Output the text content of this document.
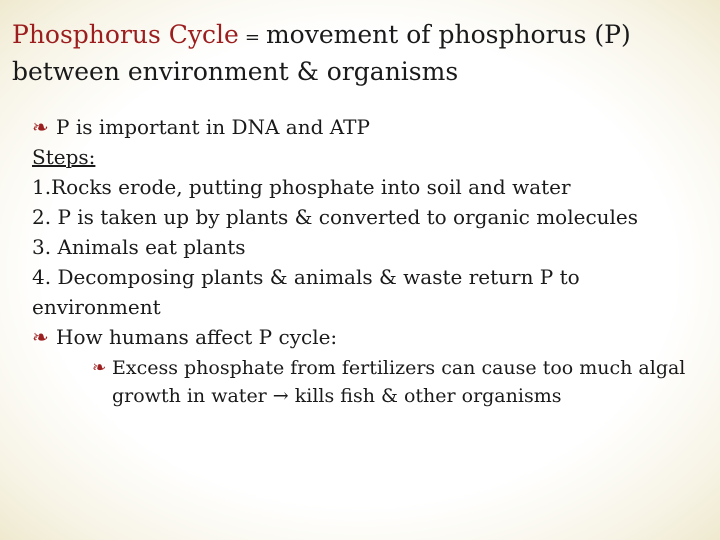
Phosphorus Cycle = movement of phosphorus (P) between environment & organisms
❧ P is important in DNA and ATP
Steps:
1.Rocks erode, putting phosphate into soil and water
2. P is taken up by plants & converted to organic molecules
3. Animals eat plants
4. Decomposing plants & animals & waste return P to environment
❧ How humans affect P cycle:
❧ Excess phosphate from fertilizers can cause too much algal growth in water → kills fish & other organisms
